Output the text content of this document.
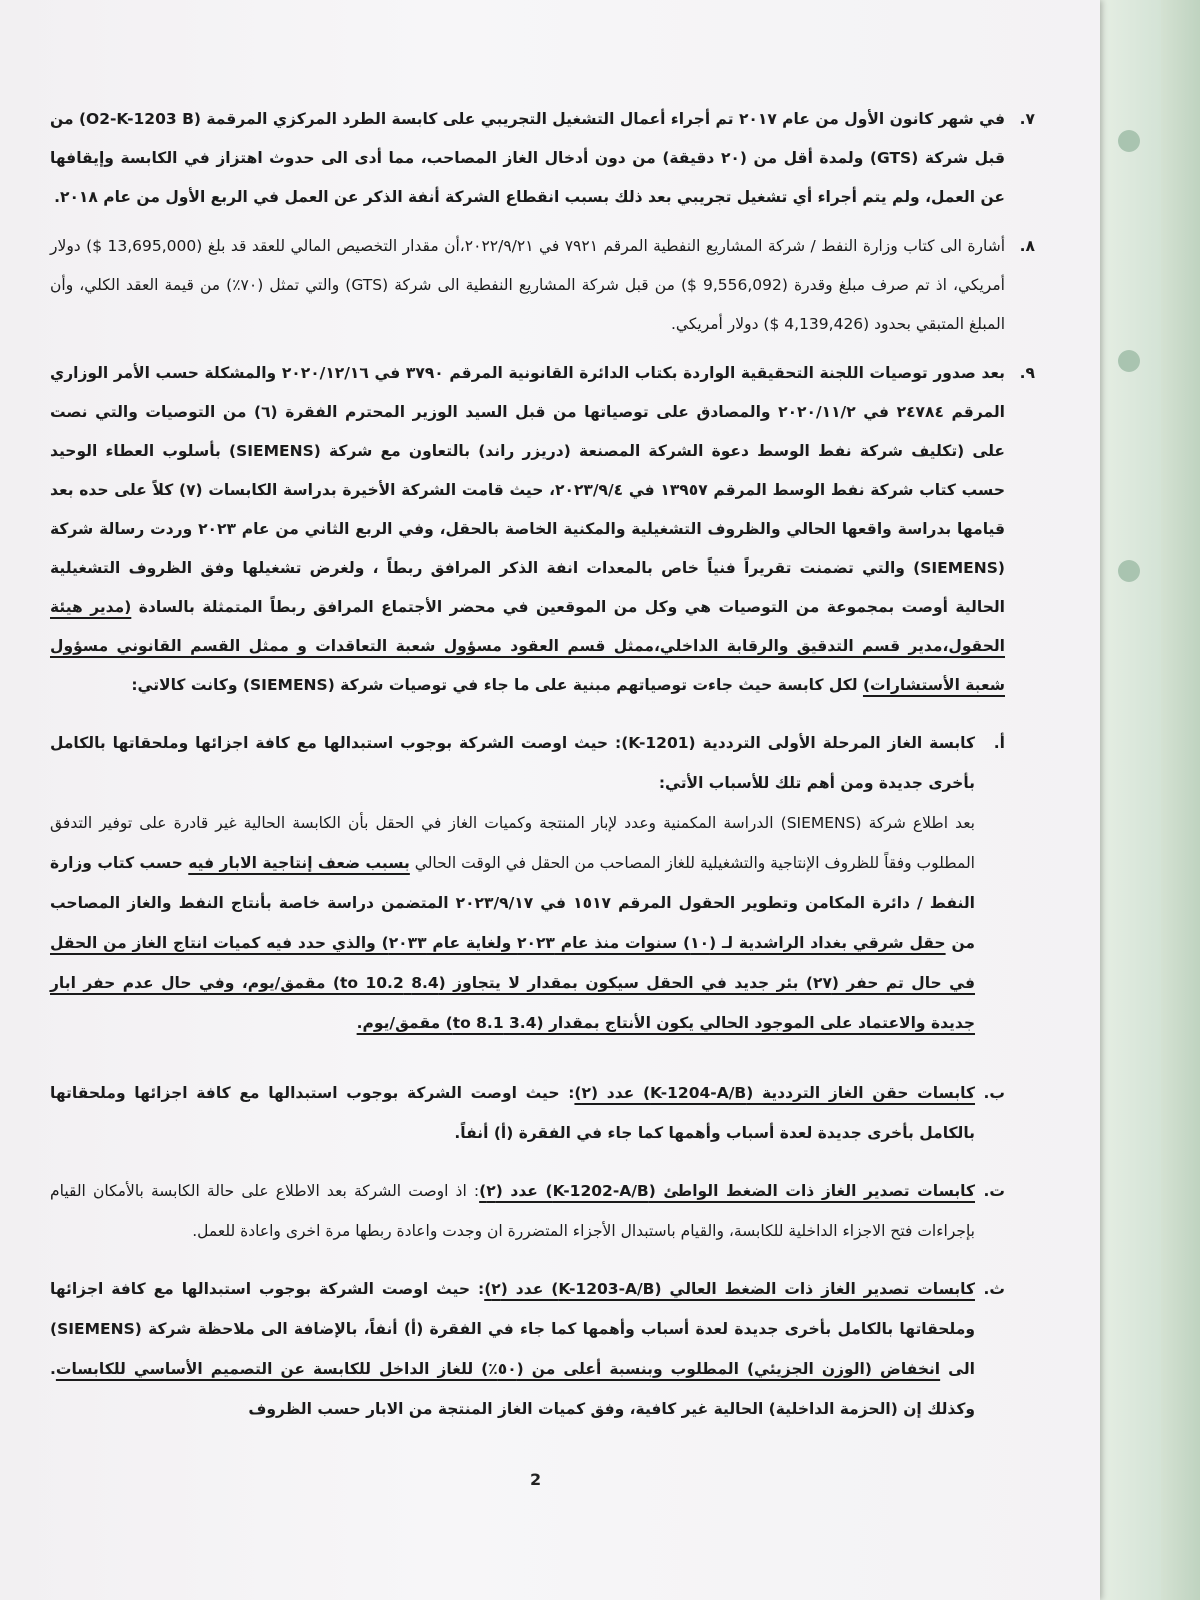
٧.
في شهر كانون الأول من عام ٢٠١٧ تم أجراء أعمال التشغيل التجريبي على كابسة الطرد المركزي المرقمة (O2-K-1203 B) من قبل شركة (GTS) ولمدة أقل من (٢٠ دقيقة) من دون أدخال الغاز المصاحب، مما أدى الى حدوث اهتزاز في الكابسة وإيقافها عن العمل، ولم يتم أجراء أي تشغيل تجريبي بعد ذلك بسبب انقطاع الشركة أنفة الذكر عن العمل في الربع الأول من عام ٢٠١٨.

٨.
أشارة الى كتاب وزارة النفط / شركة المشاريع النفطية المرقم ٧٩٢١ في ٢٠٢٢/٩/٢١،أن مقدار التخصيص المالي للعقد قد بلغ (13,695,000 $) دولار أمريكي، اذ تم صرف مبلغ وقدرة (9,556,092 $) من قبل شركة المشاريع النفطية الى شركة (GTS) والتي تمثل (٧٠٪) من قيمة العقد الكلي، وأن المبلغ المتبقي بحدود (4,139,426 $) دولار أمريكي.

٩.
بعد صدور توصيات اللجنة التحقيقية الواردة بكتاب الدائرة القانونية المرقم ٣٧٩٠ في ٢٠٢٠/١٢/١٦ والمشكلة حسب الأمر الوزاري المرقم ٢٤٧٨٤ في ٢٠٢٠/١١/٢ والمصادق على توصياتها من قبل السيد الوزير المحترم الفقرة (٦) من التوصيات والتي نصت على (تكليف شركة نفط الوسط دعوة الشركة المصنعة (دريزر راند) بالتعاون مع شركة (SIEMENS) بأسلوب العطاء الوحيد حسب كتاب شركة نفط الوسط المرقم ١٣٩٥٧ في ٢٠٢٣/٩/٤، حيث قامت الشركة الأخيرة بدراسة الكابسات (٧) كلاً على حده بعد قيامها بدراسة واقعها الحالي والظروف التشغيلية والمكنية الخاصة بالحقل، وفي الربع الثاني من عام ٢٠٢٣ وردت رسالة شركة (SIEMENS) والتي تضمنت تقريراً فنياً خاص بالمعدات انفة الذكر المرافق ربطاً ، ولغرض تشغيلها وفق الظروف التشغيلية الحالية أوصت بمجموعة من التوصيات هي وكل من الموقعين في محضر الأجتماع المرافق ربطاً المتمثلة بالسادة (مدير هيئة الحقول،مدير قسم التدقيق والرقابة الداخلي،ممثل قسم العقود مسؤول شعبة التعاقدات و ممثل القسم القانوني مسؤول شعبة الأستشارات) لكل كابسة حيث جاءت توصياتهم مبنية على ما جاء في توصيات شركة (SIEMENS) وكانت كالاتي:

أ.
كابسة الغاز المرحلة الأولى الترددية (K-1201): حيث اوصت الشركة بوجوب استبدالها مع كافة اجزائها وملحقاتها بالكامل بأخرى جديدة ومن أهم تلك للأسباب الأتي:
بعد اطلاع شركة (SIEMENS) الدراسة المكمنية وعدد لإبار المنتجة وكميات الغاز في الحقل بأن الكابسة الحالية غير قادرة على توفير التدفق المطلوب وفقاً للظروف الإنتاجية والتشغيلية للغاز المصاحب من الحقل في الوقت الحالي بسبب ضعف إنتاجية الابار فيه حسب كتاب وزارة النفط / دائرة المكامن وتطوير الحقول المرقم ١٥١٧ في ٢٠٢٣/٩/١٧ المتضمن دراسة خاصة بأنتاج النفط والغاز المصاحب من حقل شرقي بغداد الراشدية لـ (١٠) سنوات منذ عام ٢٠٢٣ ولغاية عام ٢٠٣٣) والذي حدد فيه كميات انتاج الغاز من الحقل في حال تم حفر (٢٧) بئر جديد في الحقل سيكون بمقدار لا يتجاوز (8.4 to 10.2) مقمق/يوم، وفي حال عدم حفر ابار جديدة والاعتماد على الموجود الحالي يكون الأنتاج بمقدار (3.4 to 8.1) مقمق/يوم.

ب.
كابسات حقن الغاز الترددية (K-1204-A/B) عدد (٢): حيث اوصت الشركة بوجوب استبدالها مع كافة اجزائها وملحقاتها بالكامل بأخرى جديدة لعدة أسباب وأهمها كما جاء في الفقرة (أ) أنفاً.

ت.
كابسات تصدير الغاز ذات الضغط الواطئ (K-1202-A/B) عدد (٢): اذ اوصت الشركة بعد الاطلاع على حالة الكابسة بالأمكان القيام بإجراءات فتح الاجزاء الداخلية للكابسة، والقيام باستبدال الأجزاء المتضررة ان وجدت واعادة ربطها مرة اخرى واعادة للعمل.

ث.
كابسات تصدير الغاز ذات الضغط العالي (K-1203-A/B) عدد (٢): حيث اوصت الشركة بوجوب استبدالها مع كافة اجزائها وملحقاتها بالكامل بأخرى جديدة لعدة أسباب وأهمها كما جاء في الفقرة (أ) أنفاً، بالإضافة الى ملاحظة شركة (SIEMENS) الى انخفاض (الوزن الجزيئي) المطلوب وبنسبة أعلى من (٥٠٪) للغاز الداخل للكابسة عن التصميم الأساسي للكابسات. وكذلك إن (الحزمة الداخلية) الحالية غير كافية، وفق كميات الغاز المنتجة من الابار حسب الظروف

2
